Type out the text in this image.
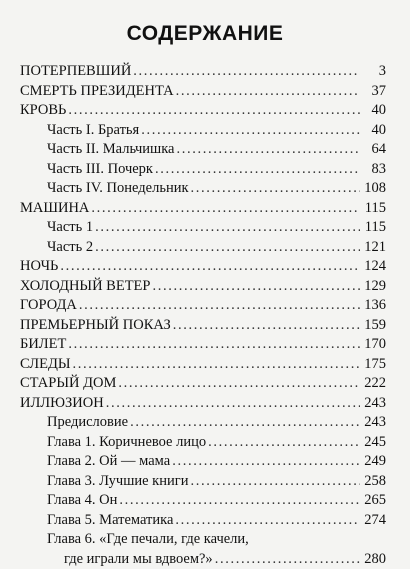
СОДЕРЖАНИЕ
ПОТЕРПЕВШИЙ . . .	3
СМЕРТЬ ПРЕЗИДЕНТА . . .	37
КРОВЬ . . .	40
Часть I. Братья . . .	40
Часть II. Мальчишка . . .	64
Часть III. Почерк . . .	83
Часть IV. Понедельник . . .	108
МАШИНА . . .	115
Часть 1 . . .	115
Часть 2 . . .	121
НОЧЬ . . .	124
ХОЛОДНЫЙ ВЕТЕР . . .	129
ГОРОДА . . .	136
ПРЕМЬЕРНЫЙ ПОКАЗ . . .	159
БИЛЕТ . . .	170
СЛЕДЫ . . .	175
СТАРЫЙ ДОМ . . .	222
ИЛЛЮЗИОН . . .	243
Предисловие . . .	243
Глава 1. Коричневое лицо . . .	245
Глава 2. Ой — мама . . .	249
Глава 3. Лучшие книги . . .	258
Глава 4. Он . . .	265
Глава 5. Математика . . .	274
Глава 6. «Где печали, где качели,
где играли мы вдвоем?» . . .	280
